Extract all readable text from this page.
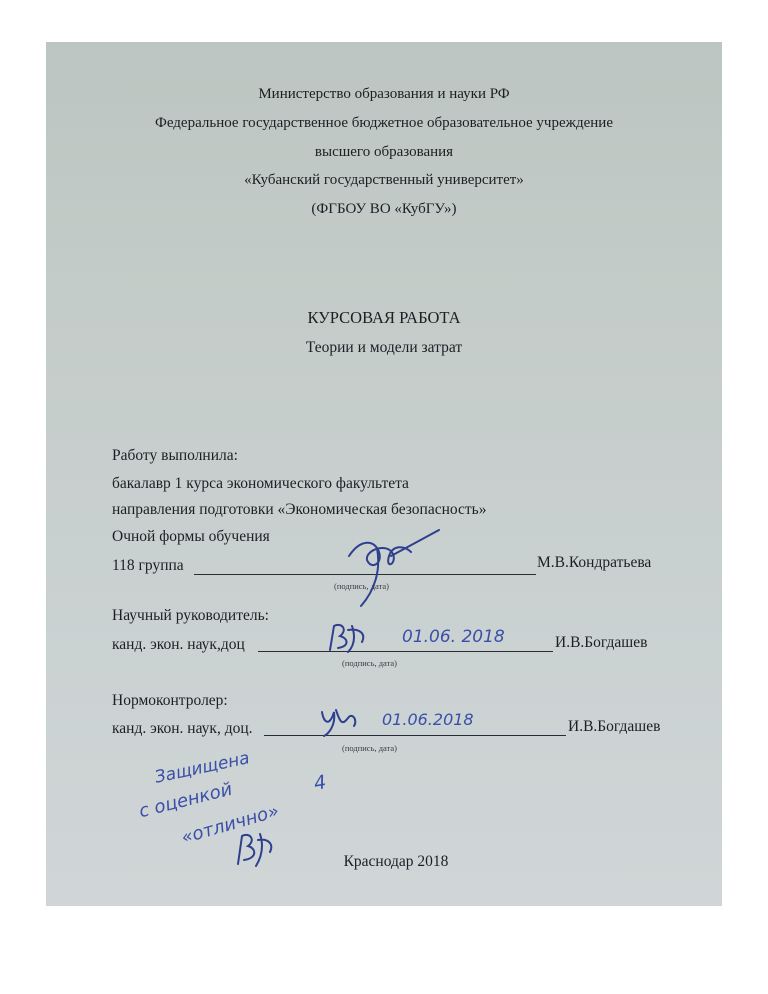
Министерство образования и науки РФ
Федеральное государственное бюджетное образовательное учреждение
высшего образования
«Кубанский государственный университет»
(ФГБОУ ВО «КубГУ»)
КУРСОВАЯ РАБОТА
Теории и модели затрат
Работу выполнила:
бакалавр 1 курса экономического факультета
направления подготовки «Экономическая безопасность»
Очной формы обучения
118 группа	М.В.Кондратьева
(подпись, дата)
Научный руководитель:
канд. экон. наук,доц	И.В.Богдашев
(подпись, дата)
01.06. 2018
Нормоконтролер:
канд. экон. наук, доц.	И.В.Богдашев
(подпись, дата)
01.06.2018
Защищена
с оценкой	4
«отлично»
Краснодар 2018
